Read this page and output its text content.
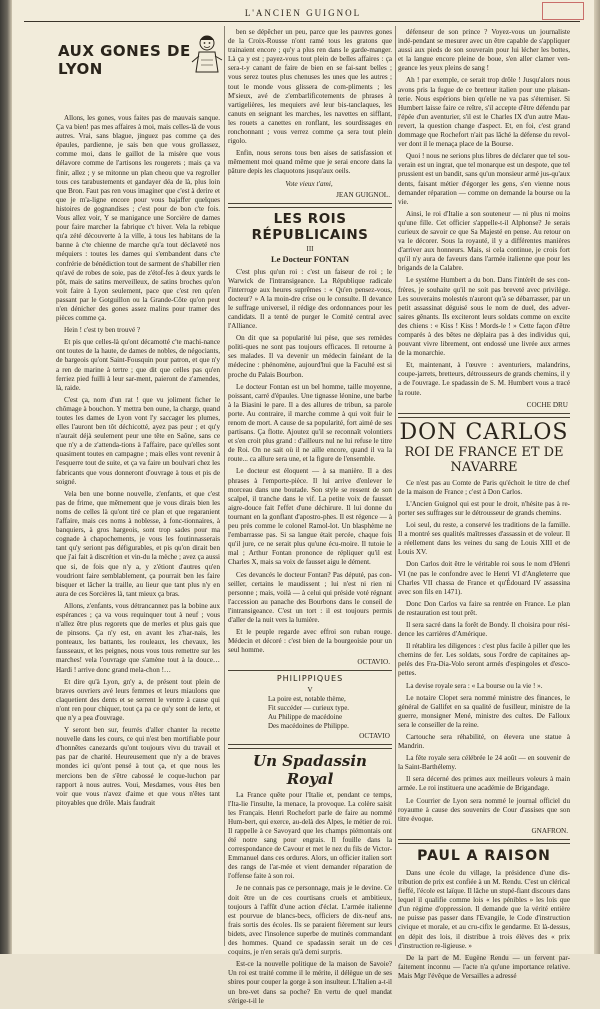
L'ANCIEN GUIGNOL
AUX GONES DE LYON

Allons, les gones, vous faites pas de mauvais sanque. Ça va bien! pas mes affaires à moi, mais celles-là de vous autres. Vrai, sans blague, jinguez pas comme ça des épaules, pardienne, je sais ben que vous grollassez, comme moi, dans le gaillot de la misère que vous délavore comme de l'artisons les rougerets ; mais ça va finir, allez ; y se mitonne un plan cheou que va regroller tous ces tarabustements et gandayer déa de là, plus loin que Bron. Faut pas ren vous imaginer que c'est à derire et que je m'a-ligne encore pour vous bajaffer quelques histoires de gognandises ; c'est pour de bon c'te fois. Vous allez voir, Y se manigance une Sorcière de dames pour faire marcher la fabrique c't hiver. Vela la rebique qu'a zété découverte à la ville, à tous les habitans de la banne à c'te chienne de marche qu'a tout déclaveté nos méquiers : toutes les dames qui s'embandent dans c'te confrérie de bénédiction tout de sarment de s'habiller rien qu'avé de robes de soie, pas de z'étof-fes à deux yards le pôt, mais de satins merveilleux, de satins broches qu'on voit faire à Lyon seulement, pace que c'est ren qu'en passant par le Gotguillon ou la Grande-Côte qu'on peut n'en dénicher des gones assez malins pour tramer des pièces comme ça.

Hein ! c'est ty ben trouvé ?

Et pis que celles-là qu'ont décamotté c'te machi-nance ont toutes de la haute, de dames de nobles, de négociants, de bargeois qu'ont Saint-Fousquin pour patron, et que n'y a ren de marine à tertre ; que dit que celles pas qu'en ferriez pied fuilli à leur sar-ment, paieront de z'amendes, là, raide.

C'est ça, nom d'un rat ! que vu joliment ficher le chômage à bouchon. Y mettra ben oune, la charge, quand toutes les dames de Lyon vont l'y saccager les plumes, elles l'auront ben tôt déchicotté, ayez pas peur ; et qu'y n'aurait déjà seulement peur une tête en Saône, sans ce que n'y a de z'attenda-tions à l'affaire, pace qu'elles sont quasiment toutes en campagne ; mais elles vont revenir à l'esquerre tout de suite, et ça va faire un boulvari chez les fabricants que vous donneront d'ouvrage à tous et pis de soigné.

Vela ben une bonne nouvelle, z'enfants, et que c'est pas de frime, que mêmement que je vous dirais bien les noms de celles là qu'ont tiré ce plan et que regaranient l'affaire, mais ces noms à noblesse, à fonc-tionnaires, à banquiers, à gros hargeois, sont trop sades pour ma cognade à chapochements, je vous les foutinnasserais tant qu'y seriont pas défigurables, et pis qu'on dirait ben que j'ai fait à discrétion et vin-du la mèche ; avez ça aussi que si, de fois que n'y a, y z'étiont d'autres qu'en voudriont faire semblablement, ça pourrait ben les faire bisquer et lâcher la traille, au lieur que tant plus n'y en aura de ces Sorcières là, tant mieux ça bras.

Allons, z'enfants, vous détrancannez pas la bobine aux espérances ; ça va vous requinquer tout à neuf ; vous n'allez être plus regorets que de merles et plus gais que de pinsons. Ça n'y est, en avant les z'har-nais, les ponteaux, les battants, les rouleaux, les chevaux, les fausseaux, et les peignes, nous vous tous remettre sur les marches! vela l'ouvrage que s'amène tout à la douce… Hardi ! arrive donc grand mela-chon !…

Et dire qu'à Lyon, gn'y a, de présent tout plein de braves ouvriers avé leurs femmes et leurs miaulons que claquetient des dents et se serrent le ventre à cause qui n'ont ren pour chiquer, tout ça pa ce qu'y sont de lerte, et que n'y a pea d'ouvrage.

Y seront ben sur, feurrés d'aller chanter la recette nouvelle dans les cours, ce qui n'est ben mortifiable pour d'honnêtes canezards qu'ont toujours vivu du travail et pas par de charité. Heureusement que n'y a de braves mondes ici qu'ont pensé à tout ça, et que nous les mercions ben de s'être cabossé le coque-luchon par rapport à nous autres. Voui, Mesdames, vous êtes ben voir que vous n'avez d'aime et que vous n'êtes tant pitoyables que drôle. Mais faudrait

ben se dépêcher un peu, parce que les pauvres gones de la Croix-Rousse n'ont ramé tous les gratons que trainaient encore ; qu'y a plus ren dans le garde-manger. Là ça y est ; payez-vous tout plein de belles affaires : ça sera-t-y canant de faire de bien en se fai-sant belles ; vous serez toutes plus chenuses les unes que les autres ; tout le monde vous glissera de com-pliments ; les M'sieux, avé de z'embarlificotements de phrases à vartigelières, les mequiers avé leur bis-tanclaques, les canuts en seignant les marches, les navettes en sifflant, les rouets a canettes en ronflant, les sourdissages en ronchonnant ; vous verrez comme ça sera tout plein rigolo.

Enfin, nous serons tous ben aises de satisfassion et mêmement moi quand même que je serai encore dans la pâture depis les claquotons jusqu'aux oeils.

Vote vieux t'ami,
JEAN GUIGNOL.
LES ROIS RÉPUBLICAINS
III
Le Docteur FONTAN

C'est plus qu'un roi : c'est un faiseur de roi ; le Warwick de l'intransigeance. La République radicale l'interroge aux heures suprêmes : « Qu'en pensez-vous, docteur? » A la moin-dre crise ou le consulte. Il devance le suffrage universel, il rédige des ordonnances pour les candidats. Il a tenté de purger le Comité central avec l'Alliance.

On dit que sa popularité lui pèse, que ses remèdes politi-ques ne sont pas toujours efficaces. Il retourne à ses malades. Il va devenir un médecin fainéant de la médecine : phénomène, aujourd'hui que la Faculté est si proche du Palais Bourbon.

Le docteur Fontan est un bel homme, taille moyenne, poissant, carré d'épaules. Une tignasse léonine, une barbe à la Biasini le pare. Il a des allures de tribun, sa parole porte. Au contraire, il marche comme à qui voit fuir le renom de mort. A cause de sa popularité, fort aimé de ses partisans. Ça flotte. Ajoutez qu'il se reconnaît volontiers et s'en croit plus grand : d'ailleurs nul ne lui refuse le titre de Roi. On ne sait où il ne aille encore, quand il va la route... ca allure sera une, et la figure de l'ensemble.

Le docteur est éloquent — à sa manière. Il a des phrases à l'emporte-pièce. Il lui arrive d'enlever le morceau dans une boutade. Son style se ressent de son scalpel, il tranche dans le vif. La petite voix de fausset aigre-douce fait l'effet d'une déchirure. Il lui donne du tournant en la gonflant d'apostro-phes. Il est régence — à peu près comme le colonel Ramol-lot. Un blasphème ne l'embarrasse pas. Si sa langue était percée, chaque fois qu'il jure, ce ne serait plus qu'une écu-moire. Il tutoie le mal ; Arthur Fontan prononce de répliquer qu'il est Charles X, mais sa voix de fausset aigu le dément.

Ces devancés le docteur Fontan? Pas député, pas con-seiller, certains le maudissent ; lui n'est ni rien ni personne ; mais, voilà — à celui qui préside voté régnant l'accession au panache des Bourbons dans le conseil de l'intransigeance. C'est un tort : il est toujours permis d'aller de la nuit vers la lumière.

Et le peuple regarde avec effroi son ruban rouge. Médecin et décoré : c'est bien de la bourgeoisie pour un seul homme.

OCTAVIO.
PHILIPPIQUES
V
La poire est, notable thème,
Fit succéder — curieux type.
Au Philippe de macédoine
Des macédoines de Philippe.
OCTAVIO
Un Spadassin Royal

La France quête pour l'Italie et, pendant ce temps, l'Ita-lie l'insulte, la menace, la provoque. La colère saisit les Français. Henri Rochefort parle de faire au nommé Hum-bert, qui exerce, au-delà des Alpes, le métier de roi. Il rappelle à ce Savoyard que les champs piémontais ont été notre sang pour engrais. Il fouille dans la correspondance de Cavour et met le nez du fils de Victor-Emmanuel dans ces ordures. Alors, un officier italien sort des rangs de l'ar-mée et vient demander réparation de l'offense faite à son roi.

Je ne connais pas ce personnage, mais je le devine. Ce doit être un de ces courtisans cruels et ambitieux, toujours à l'affût d'une action d'éclat. L'armée italienne est pourvue de blancs-becs, officiers de dix-neuf ans, frais sortis des écoles. Ils se paraient fièrement sur leurs bidets, avec l'insolence superbe de mutinés commandant des hommes. Quand ce spadassin serait un de ces coquins, je n'en serais qu'à demi surpris.

Est-ce la nouvelle politique de la maison de Savoie? Un roi est traité comme il le mérite, il délègue un de ses sbires pour couper la gorge à son insulteur. L'Italien a-t-il un bre-vet dans sa poche? En vertu de quel mandat s'érige-t-il le

défenseur de son prince ? Voyez-vous un journaliste indé-pendant se mesurer avec un être capable de s'appliquer aussi aux pieds de son souverain pour lui lécher les bottes, et la langue encore pleine de boue, s'en aller clamer ven-geance les yeux pleins de sang !

Ah ! par exemple, ce serait trop drôle ! Jusqu'alors nous avons pris la fugue de ce bretteur italien pour une plaisan-terie. Nous espérions bien qu'elle ne va pas s'éterniser. Si Humbert laisse faire ce reître, s'il accepte d'être défendu par l'épée d'un aventurier, s'il est le Charles IX d'un autre Mau-revert, la question change d'aspect. Et, en foi, c'est grand dommage que Rochefort n'ait pas lâché la défense du revol-ver dont il le menaça place de la Bourse.

Quoi ! nous ne serions plus libres de déclarer que tel sou-verain est un ingrat, que tel monarque est un despote, que tel prussient est un bandit, sans qu'un monsieur armé jus-qu'aux dents, faisant métier d'égorger les gens, s'en vienne nous demander réparation — comme on demande la bourse ou la vie.

Ainsi, le roi d'Italie a son souteneur — ni plus ni moins qu'une fille. Cet officier s'appelle-t-il Alphonse? Je serais curieux de savoir ce que Sa Majesté en pense. Au retour on va le décorer. Sous la royauté, il y a différentes manières d'arriver aux honneurs. Mais, si cela continue, je crois fort qu'il n'y aura de faveurs dans l'armée italienne que pour les brigands de la Calabre.

Le système Humbert a du bon. Dans l'intérêt de ses con-frères, je souhaite qu'il ne soit pas breveté avec privilège. Les souverains molestés n'auront qu'à se débarrasser, par un petit assassinat déguisé sous le nom de duel, des adver-saires gênants. Ils exciteront leurs soldats comme on excite des chiens : « Kiss ! Kiss ! Mords-le ! » Cette façon d'être comparés à des bêtes ne déplaira pas à des individus qui, pouvant vivre librement, ont endossé une livrée aux armes de la monarchie.

Et, maintenant, à l'œuvre : aventuriers, malandrins, coupe-jarrets, bretteurs, détrousseurs de grands chemins, il y a de l'ouvrage. Le spadassin de S. M. Humbert vous a tracé la route.

COCHE DRU
DON CARLOS
ROI DE FRANCE ET DE NAVARRE

Ce n'est pas au Comte de Paris qu'échoit le titre de chef de la maison de France ; c'est à Don Carlos.

L'Ancien Guignol qui est pour le droit, n'hésite pas à re-porter ses suffrages sur le détrousseur de grands chemins.

Loi seul, du reste, a conservé les traditions de la famille. Il a montré ses qualités maîtresses d'assassin et de voleur. Il a réellement dans les veines du sang de Louis XIII et de Louis XV.

Don Carlos doit être le véritable roi sous le nom d'Henri VI (ne pas le confondre avec le Henri VI d'Angleterre que Charles VII chassa de France et qu'Édouard IV assassina avec son fils en 1471).

Donc Don Carlos va faire sa rentrée en France. Le plan de restauration est tout prêt.

Il sera sacré dans la forêt de Bondy. Il choisira pour rési-dence les carrières d'Amérique.

Il rétablira les diligences : c'est plus facile à piller que les chemins de fer. Les soldats, sous l'ordre de capitaines ap-pelés des Fra-Dia-Volo seront armés d'espingoles et d'esco-pettes.

La devise royale sera : « La bourse ou la vie ! ».

Le notaire Clopet sera nommé ministre des finances, le général de Gallifet en sa qualité de fusilleur, ministre de la guerre, monsigner Mené, ministre des cultes. De Falloux sera le conseiller de la reine.

Cartouche sera réhabilité, on élevera une statue à Mandrin.

La fête royale sera célébrée le 24 août — en souvenir de la Saint-Barthélemy.

Il sera décerné des primes aux meilleurs voleurs à main armée. Le roi instituera une académie de Brigandage.

Le Courrier de Lyon sera nommé le journal officiel du royaume à cause des souvenirs de Cour d'assises que son titre évoque.

GNAFRON.
PAUL A RAISON

Dans une école du village, la présidence d'une dis-tribution de prix est confiée à un M. Rendu. C'est un clérical fieffé, l'école est laïque. Il lâche un stupé-fiant discours dans lequel il qualifie comme lois « les pénibles » les lois que d'un régime d'oppression. Il demande que la vérité entière ne puisse pas passer dans l'Evangile, le Code d'instruction civique et morale, et au cru-cifix le gendarme. Et là-dessus, en dépit des lois, il distribue à trois élèves des « prix d'instruction re-ligieuse. »

De la part de M. Eugène Rendu — un fervent par-faitement inconnu — l'acte n'a qu'une importance relative. Mais Mgr l'évêque de Versailles a adressé
